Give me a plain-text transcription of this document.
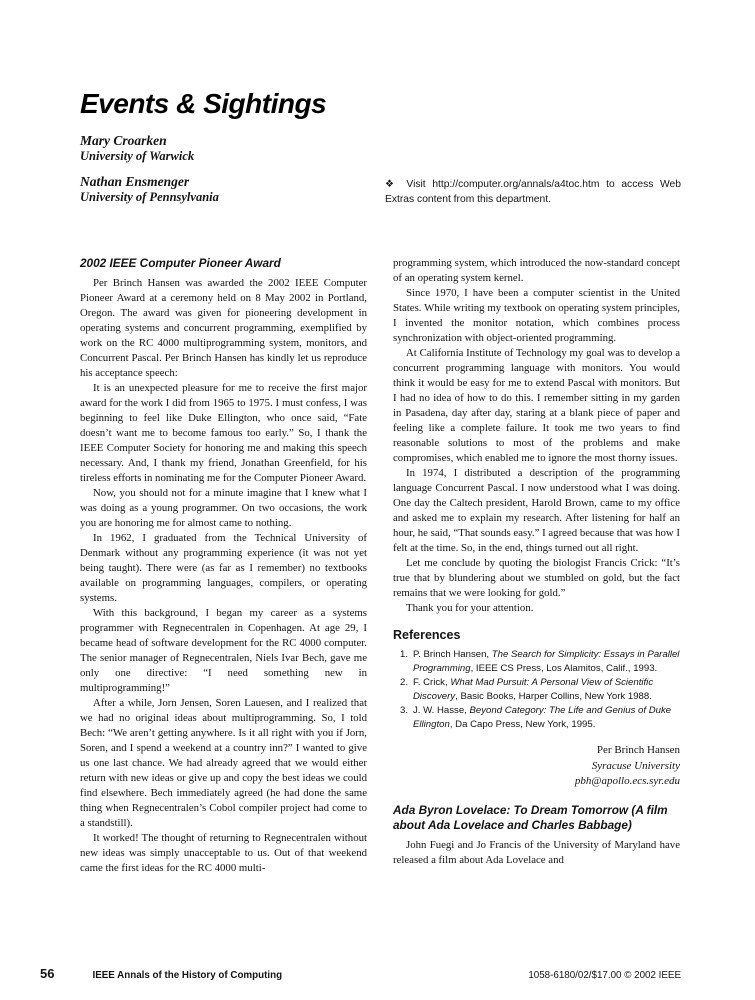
Events & Sightings
Mary Croarken
University of Warwick
Nathan Ensmenger
University of Pennsylvania
❖ Visit http://computer.org/annals/a4toc.htm to access Web Extras content from this department.
2002 IEEE Computer Pioneer Award

Per Brinch Hansen was awarded the 2002 IEEE Computer Pioneer Award at a ceremony held on 8 May 2002 in Portland, Oregon. The award was given for pioneering development in operating systems and concurrent programming, exemplified by work on the RC 4000 multiprogramming system, monitors, and Concurrent Pascal. Per Brinch Hansen has kindly let us reproduce his acceptance speech:

It is an unexpected pleasure for me to receive the first major award for the work I did from 1965 to 1975. I must confess, I was beginning to feel like Duke Ellington, who once said, “Fate doesn’t want me to become famous too early.” So, I thank the IEEE Computer Society for honoring me and making this speech necessary. And, I thank my friend, Jonathan Greenfield, for his tireless efforts in nominating me for the Computer Pioneer Award.

Now, you should not for a minute imagine that I knew what I was doing as a young programmer. On two occasions, the work you are honoring me for almost came to nothing.

In 1962, I graduated from the Technical University of Denmark without any programming experience (it was not yet being taught). There were (as far as I remember) no textbooks available on programming languages, compilers, or operating systems.

With this background, I began my career as a systems programmer with Regnecentralen in Copenhagen. At age 29, I became head of software development for the RC 4000 computer. The senior manager of Regnecentralen, Niels Ivar Bech, gave me only one directive: “I need something new in multiprogramming!”

After a while, Jorn Jensen, Soren Lauesen, and I realized that we had no original ideas about multiprogramming. So, I told Bech: “We aren’t getting anywhere. Is it all right with you if Jorn, Soren, and I spend a weekend at a country inn?” I wanted to give us one last chance. We had already agreed that we would either return with new ideas or give up and copy the best ideas we could find elsewhere. Bech immediately agreed (he had done the same thing when Regnecentralen’s Cobol compiler project had come to a standstill).

It worked! The thought of returning to Regnecentralen without new ideas was simply unacceptable to us. Out of that weekend came the first ideas for the RC 4000 multi-

programming system, which introduced the now-standard concept of an operating system kernel.

Since 1970, I have been a computer scientist in the United States. While writing my textbook on operating system principles, I invented the monitor notation, which combines process synchronization with object-oriented programming.

At California Institute of Technology my goal was to develop a concurrent programming language with monitors. You would think it would be easy for me to extend Pascal with monitors. But I had no idea of how to do this. I remember sitting in my garden in Pasadena, day after day, staring at a blank piece of paper and feeling like a complete failure. It took me two years to find reasonable solutions to most of the problems and make compromises, which enabled me to ignore the most thorny issues.

In 1974, I distributed a description of the programming language Concurrent Pascal. I now understood what I was doing. One day the Caltech president, Harold Brown, came to my office and asked me to explain my research. After listening for half an hour, he said, “That sounds easy.” I agreed because that was how I felt at the time. So, in the end, things turned out all right.

Let me conclude by quoting the biologist Francis Crick: “It’s true that by blundering about we stumbled on gold, but the fact remains that we were looking for gold.”

Thank you for your attention.

References
1. P. Brinch Hansen, The Search for Simplicity: Essays in Parallel Programming, IEEE CS Press, Los Alamitos, Calif., 1993.
2. F. Crick, What Mad Pursuit: A Personal View of Scientific Discovery, Basic Books, Harper Collins, New York 1988.
3. J. W. Hasse, Beyond Category: The Life and Genius of Duke Ellington, Da Capo Press, New York, 1995.
Per Brinch Hansen
Syracuse University
pbh@apollo.ecs.syr.edu
Ada Byron Lovelace: To Dream Tomorrow (A film about Ada Lovelace and Charles Babbage)

John Fuegi and Jo Francis of the University of Maryland have released a film about Ada Lovelace and

56	IEEE Annals of the History of Computing	1058-6180/02/$17.00 © 2002 IEEE
